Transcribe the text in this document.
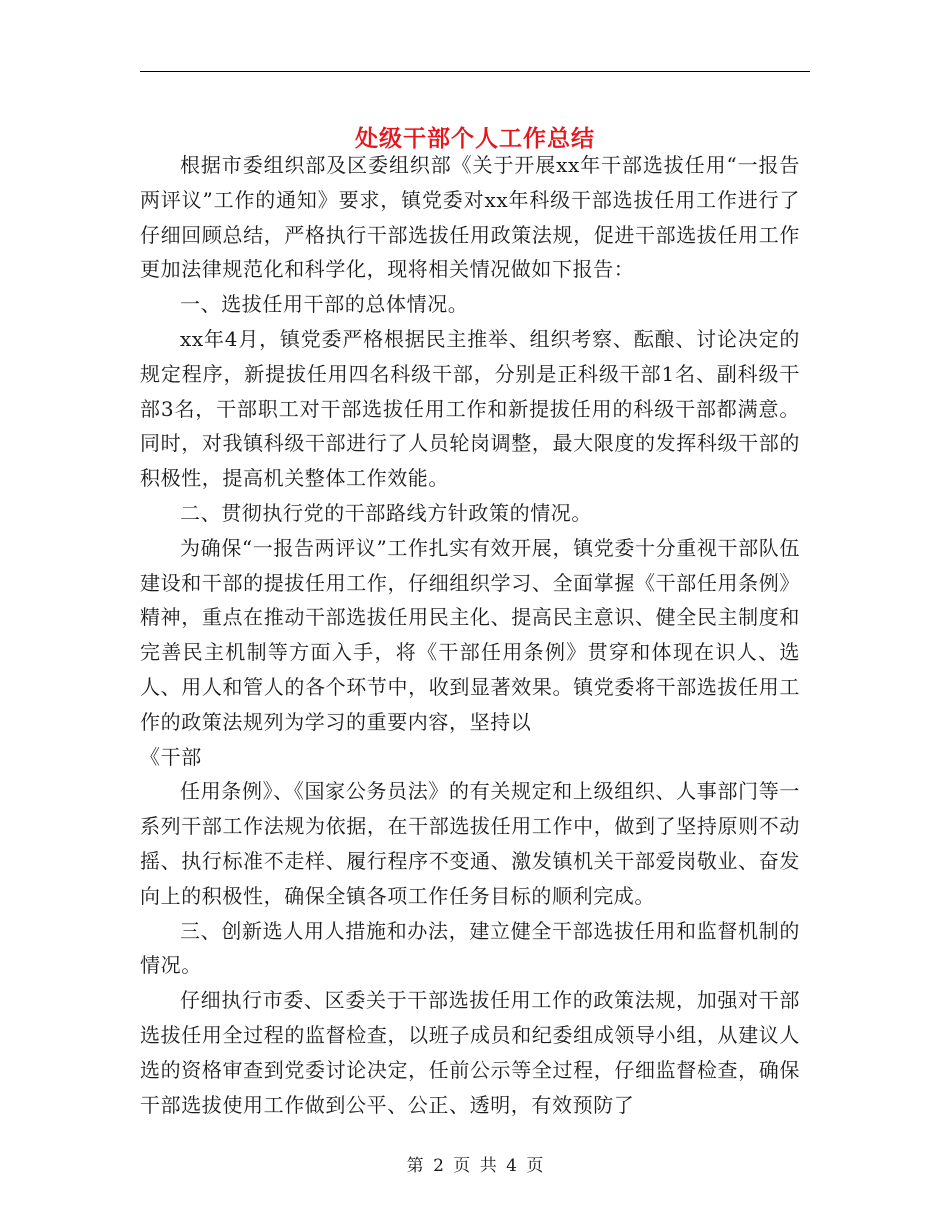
处级干部个人工作总结

根据市委组织部及区委组织部《关于开展xx年干部选拔任用“一报告两评议”工作的通知》要求，镇党委对xx年科级干部选拔任用工作进行了仔细回顾总结，严格执行干部选拔任用政策法规，促进干部选拔任用工作更加法律规范化和科学化，现将相关情况做如下报告：

一、选拔任用干部的总体情况。

xx年4月，镇党委严格根据民主推举、组织考察、酝酿、讨论决定的规定程序，新提拔任用四名科级干部，分别是正科级干部1名、副科级干部3名，干部职工对干部选拔任用工作和新提拔任用的科级干部都满意。同时，对我镇科级干部进行了人员轮岗调整，最大限度的发挥科级干部的积极性，提高机关整体工作效能。

二、贯彻执行党的干部路线方针政策的情况。

为确保“一报告两评议”工作扎实有效开展，镇党委十分重视干部队伍建设和干部的提拔任用工作，仔细组织学习、全面掌握《干部任用条例》精神，重点在推动干部选拔任用民主化、提高民主意识、健全民主制度和完善民主机制等方面入手，将《干部任用条例》贯穿和体现在识人、选人、用人和管人的各个环节中，收到显著效果。镇党委将干部选拔任用工作的政策法规列为学习的重要内容，坚持以

《干部

任用条例》、《国家公务员法》的有关规定和上级组织、人事部门等一系列干部工作法规为依据，在干部选拔任用工作中，做到了坚持原则不动摇、执行标准不走样、履行程序不变通、激发镇机关干部爱岗敬业、奋发向上的积极性，确保全镇各项工作任务目标的顺利完成。

三、创新选人用人措施和办法，建立健全干部选拔任用和监督机制的情况。

仔细执行市委、区委关于干部选拔任用工作的政策法规，加强对干部选拔任用全过程的监督检查，以班子成员和纪委组成领导小组，从建议人选的资格审查到党委讨论决定，任前公示等全过程，仔细监督检查，确保干部选拔使用工作做到公平、公正、透明，有效预防了

第 2 页 共 4 页
